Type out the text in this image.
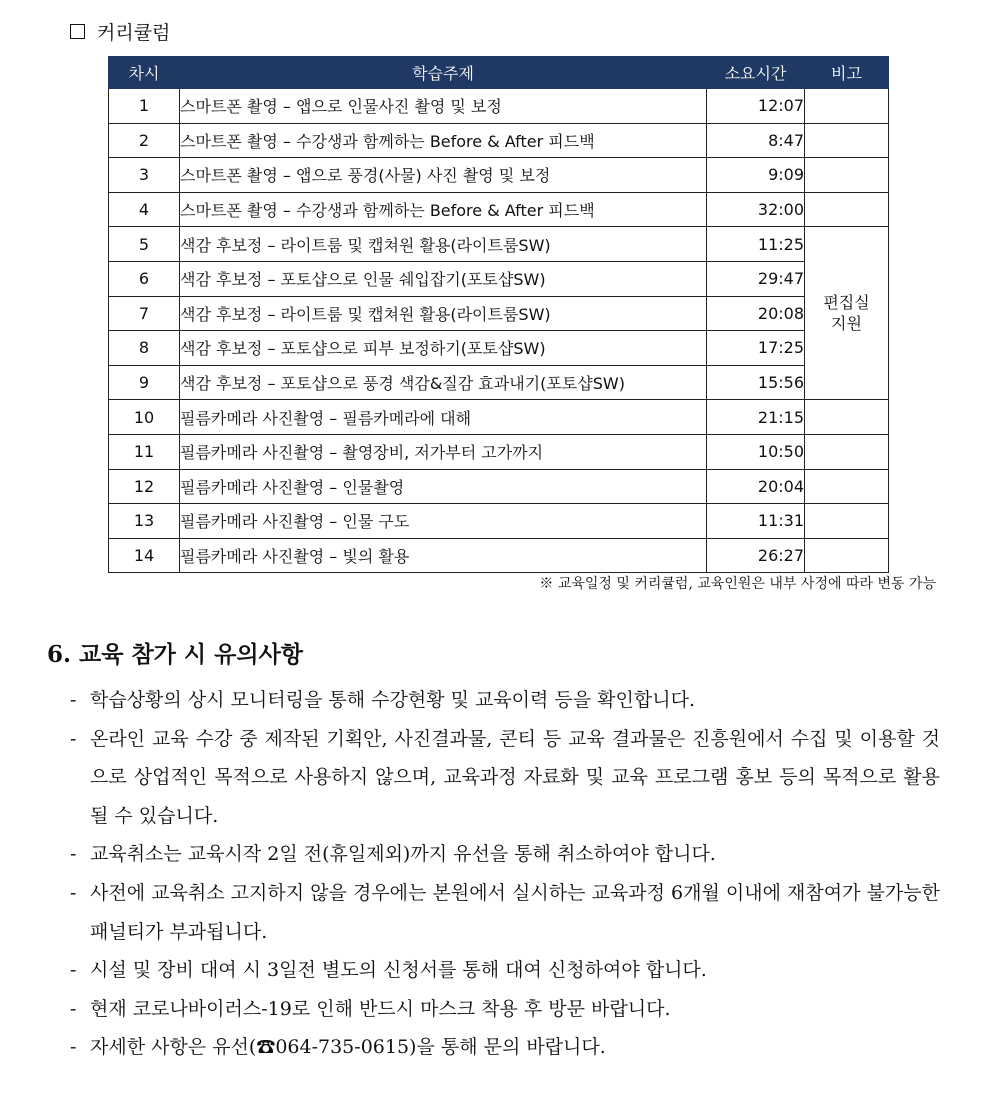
커리큘럼
차시	학습주제	소요시간	비고
1	스마트폰 촬영 – 앱으로 인물사진 촬영 및 보정	12:07	
2	스마트폰 촬영 – 수강생과 함께하는 Before & After 피드백	8:47	
3	스마트폰 촬영 – 앱으로 풍경(사물) 사진 촬영 및 보정	9:09	
4	스마트폰 촬영 – 수강생과 함께하는 Before & After 피드백	32:00	
5	색감 후보정 – 라이트룸 및 캡쳐원 활용(라이트룸SW)	11:25	편집실
지원

6	색감 후보정 – 포토샵으로 인물 쉐입잡기(포토샵SW)	29:47	
7	색감 후보정 – 라이트룸 및 캡쳐원 활용(라이트룸SW)	20:08	
8	색감 후보정 – 포토샵으로 피부 보정하기(포토샵SW)	17:25	
9	색감 후보정 – 포토샵으로 풍경 색감&질감 효과내기(포토샵SW)	15:56	
10	필름카메라 사진촬영 – 필름카메라에 대해	21:15	
11	필름카메라 사진촬영 – 촬영장비, 저가부터 고가까지	10:50	
12	필름카메라 사진촬영 – 인물촬영	20:04	
13	필름카메라 사진촬영 – 인물 구도	11:31	
14	필름카메라 사진촬영 – 빛의 활용	26:27	
※ 교육일정 및 커리큘럼, 교육인원은 내부 사정에 따라 변동 가능
6. 교육 참가 시 유의사항
- 학습상황의 상시 모니터링을 통해 수강현황 및 교육이력 등을 확인합니다.
- 온라인 교육 수강 중 제작된 기획안, 사진결과물, 콘티 등 교육 결과물은 진흥원에서 수집 및 이용할 것으로 상업적인 목적으로 사용하지 않으며, 교육과정 자료화 및 교육 프로그램 홍보 등의 목적으로 활용될 수 있습니다.
- 교육취소는 교육시작 2일 전(휴일제외)까지 유선을 통해 취소하여야 합니다.
- 사전에 교육취소 고지하지 않을 경우에는 본원에서 실시하는 교육과정 6개월 이내에 재참여가 불가능한 패널티가 부과됩니다.
- 시설 및 장비 대여 시 3일전 별도의 신청서를 통해 대여 신청하여야 합니다.
- 현재 코로나바이러스-19로 인해 반드시 마스크 착용 후 방문 바랍니다.
- 자세한 사항은 유선(☎064-735-0615)을 통해 문의 바랍니다.
